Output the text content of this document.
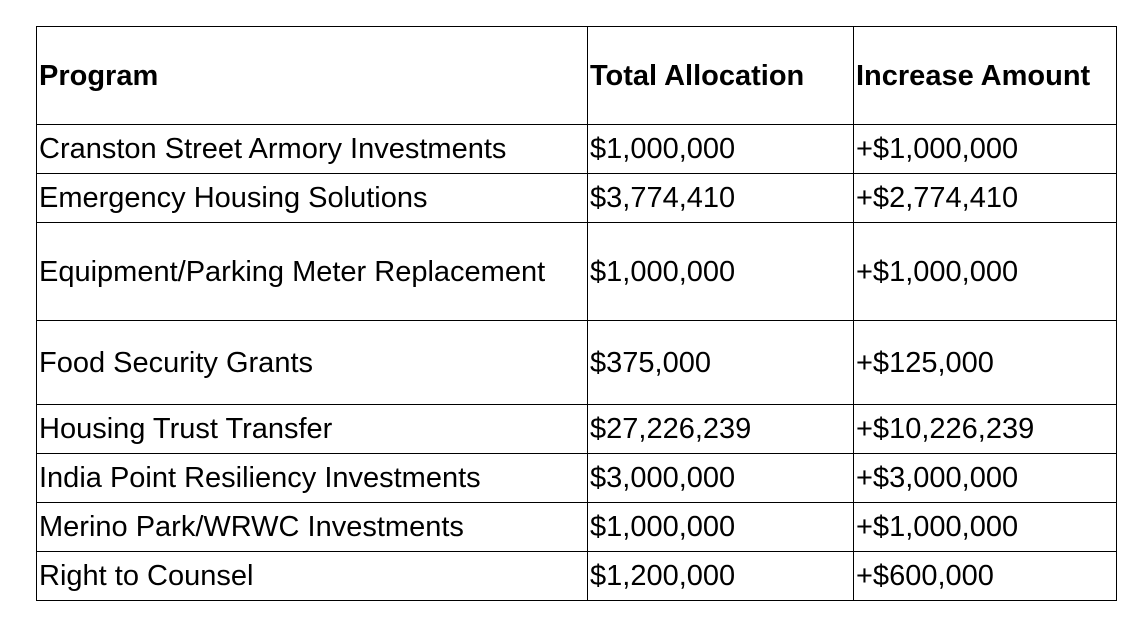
Program	Total Allocation	Increase Amount
Cranston Street Armory Investments	$1,000,000	+$1,000,000
Emergency Housing Solutions	$3,774,410	+$2,774,410
Equipment/Parking Meter Replacement	$1,000,000	+$1,000,000
Food Security Grants	$375,000	+$125,000
Housing Trust Transfer	$27,226,239	+$10,226,239
India Point Resiliency Investments	$3,000,000	+$3,000,000
Merino Park/WRWC Investments	$1,000,000	+$1,000,000
Right to Counsel	$1,200,000	+$600,000
